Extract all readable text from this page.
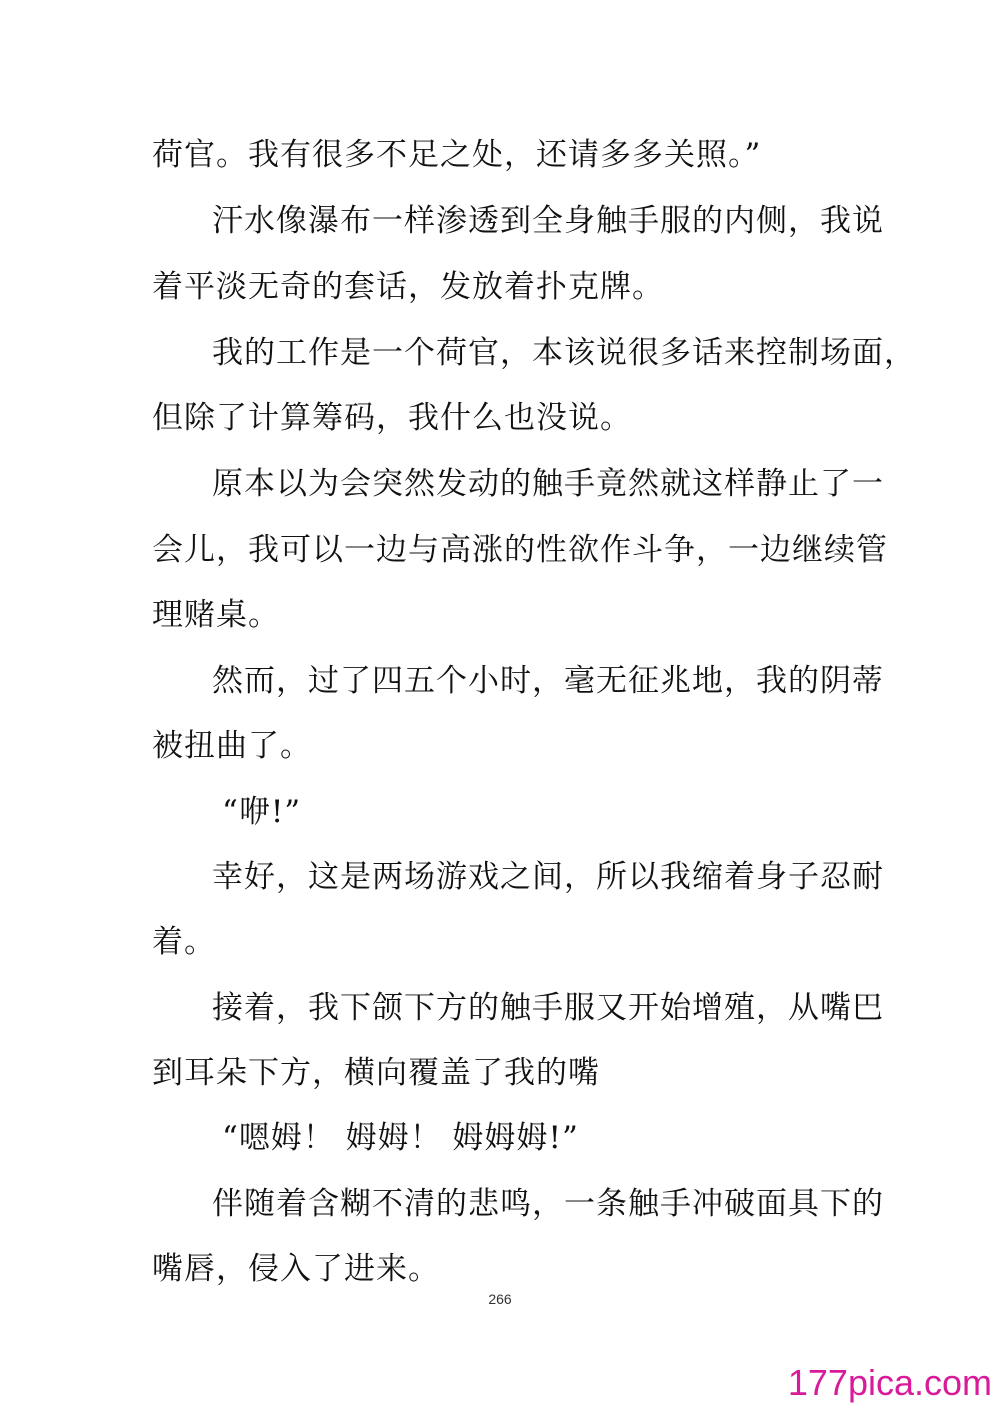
荷官。我有很多不足之处，还请多多关照。”
汗水像瀑布一样渗透到全身触手服的内侧，我说
着平淡无奇的套话，发放着扑克牌。
我的工作是一个荷官，本该说很多话来控制场面，
但除了计算筹码，我什么也没说。
原本以为会突然发动的触手竟然就这样静止了一
会儿，我可以一边与高涨的性欲作斗争，一边继续管
理赌桌。
然而，过了四五个小时，毫无征兆地，我的阴蒂
被扭曲了。
“咿!”
幸好，这是两场游戏之间，所以我缩着身子忍耐
着。
接着，我下颌下方的触手服又开始增殖，从嘴巴
到耳朵下方，横向覆盖了我的嘴
“嗯姆！ 姆姆！ 姆姆姆!”
伴随着含糊不清的悲鸣，一条触手冲破面具下的
嘴唇，侵入了进来。
266
177pica.com
